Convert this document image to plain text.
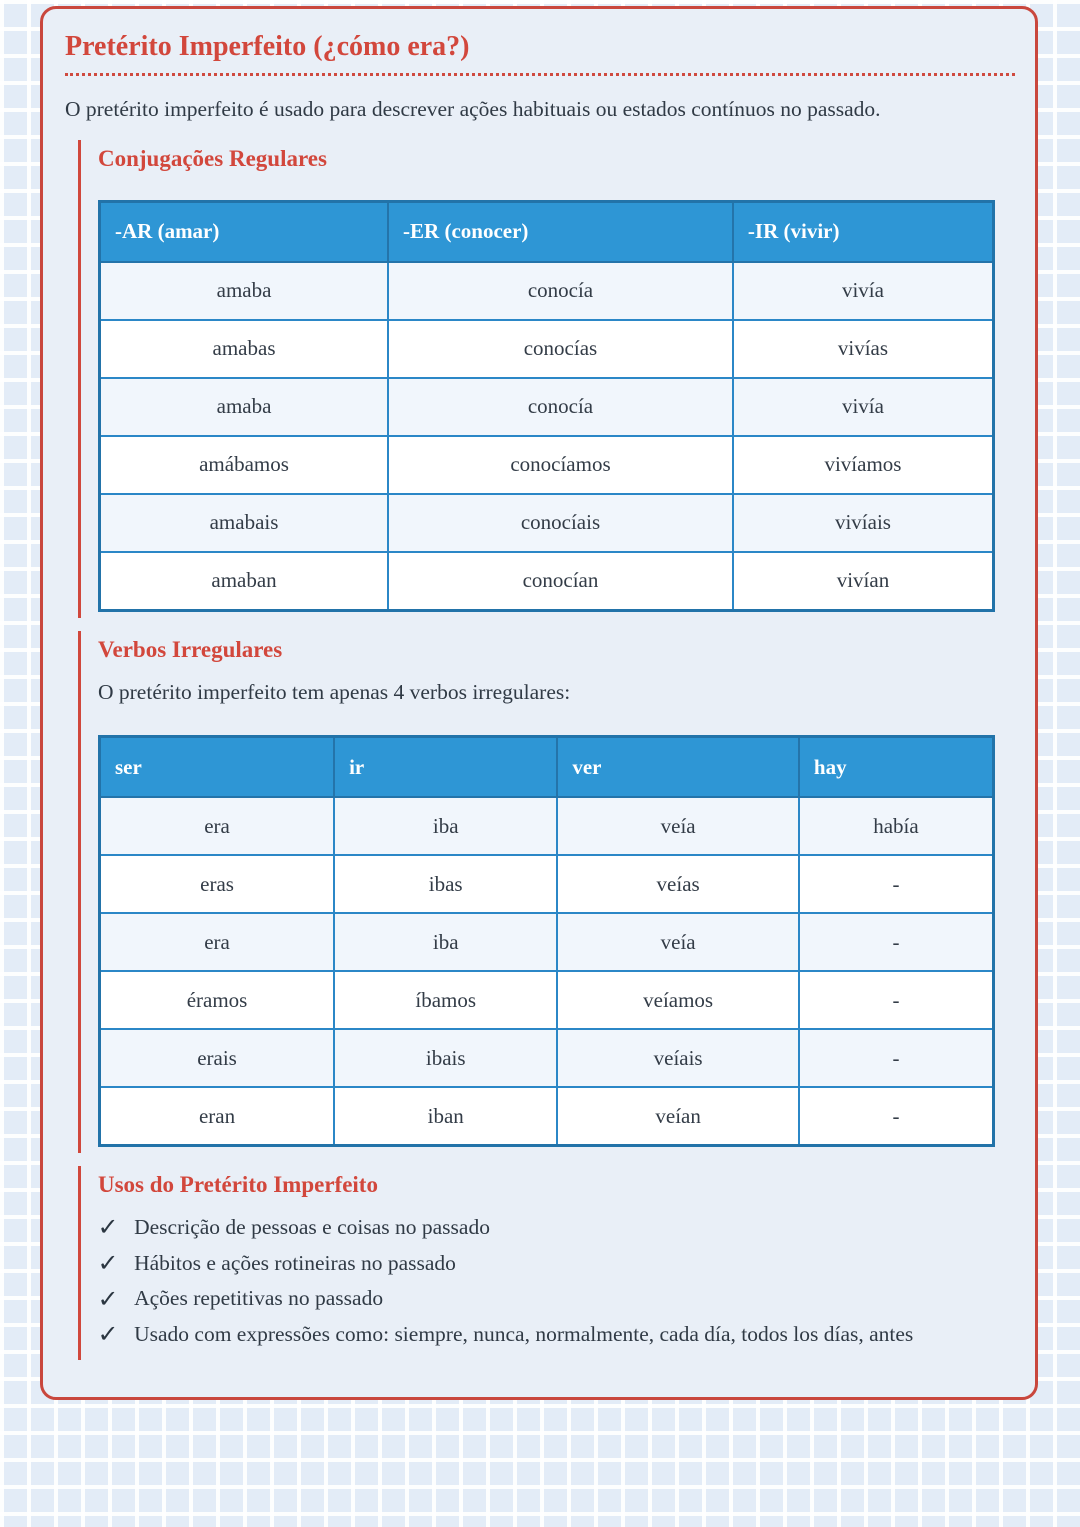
Pretérito Imperfeito (¿cómo era?)

O pretérito imperfeito é usado para descrever ações habituais ou estados contínuos no passado.

Conjugações Regulares
-AR (amar)	-ER (conocer)	-IR (vivir)
amaba	conocía	vivía
amabas	conocías	vivías
amaba	conocía	vivía
amábamos	conocíamos	vivíamos
amabais	conocíais	vivíais
amaban	conocían	vivían
Verbos Irregulares

O pretérito imperfeito tem apenas 4 verbos irregulares:

ser	ir	ver	hay
era	iba	veía	había
eras	ibas	veías	-
era	iba	veía	-
éramos	íbamos	veíamos	-
erais	ibais	veíais	-
eran	iban	veían	-
Usos do Pretérito Imperfeito
✓ Descrição de pessoas e coisas no passado
✓ Hábitos e ações rotineiras no passado
✓ Ações repetitivas no passado
✓ Usado com expressões como: siempre, nunca, normalmente, cada día, todos los días, antes
